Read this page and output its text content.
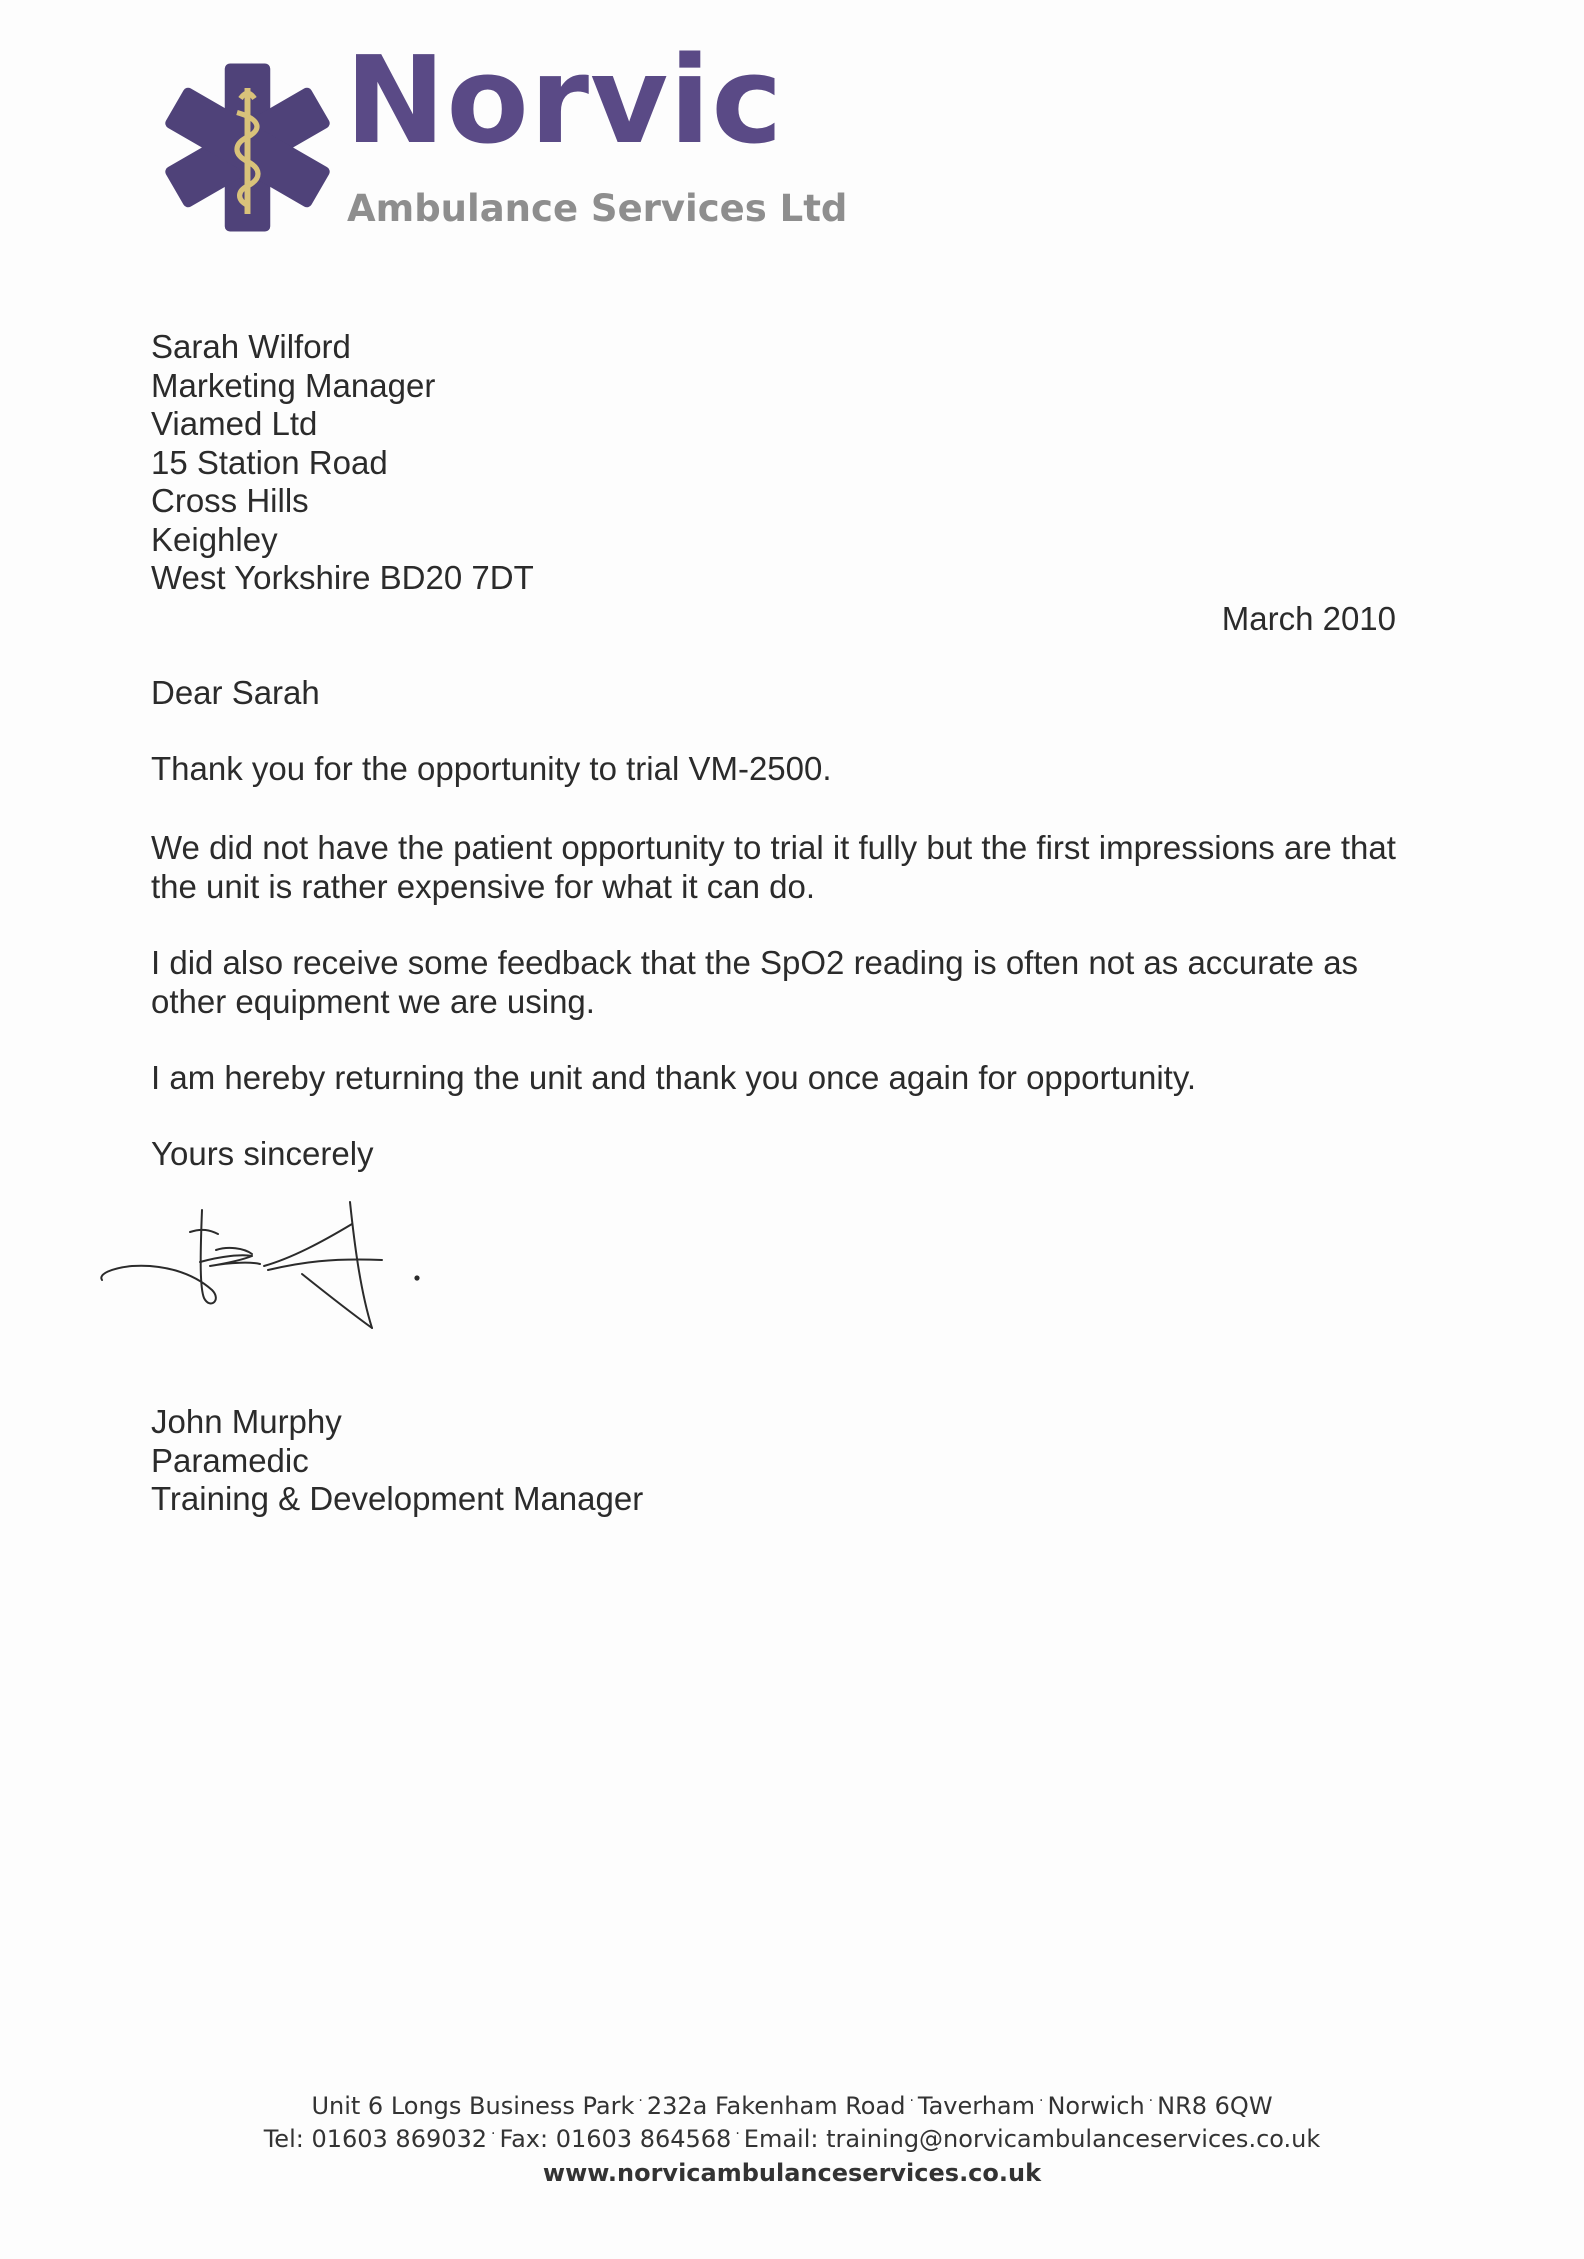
Norvic
Ambulance Services Ltd
Sarah Wilford
Marketing Manager
Viamed Ltd
15 Station Road
Cross Hills
Keighley
West Yorkshire BD20 7DT
March 2010

Dear Sarah

Thank you for the opportunity to trial VM-2500.

We did not have the patient opportunity to trial it fully but the first impressions are that the unit is rather expensive for what it can do.

I did also receive some feedback that the SpO2 reading is often not as accurate as other equipment we are using.

I am hereby returning the unit and thank you once again for opportunity.

Yours sincerely

John Murphy
Paramedic
Training & Development Manager
Unit 6 Longs Business Park · 232a Fakenham Road · Taverham · Norwich · NR8 6QW
Tel: 01603 869032 · Fax: 01603 864568 · Email: training@norvicambulanceservices.co.uk
www.norvicambulanceservices.co.uk
